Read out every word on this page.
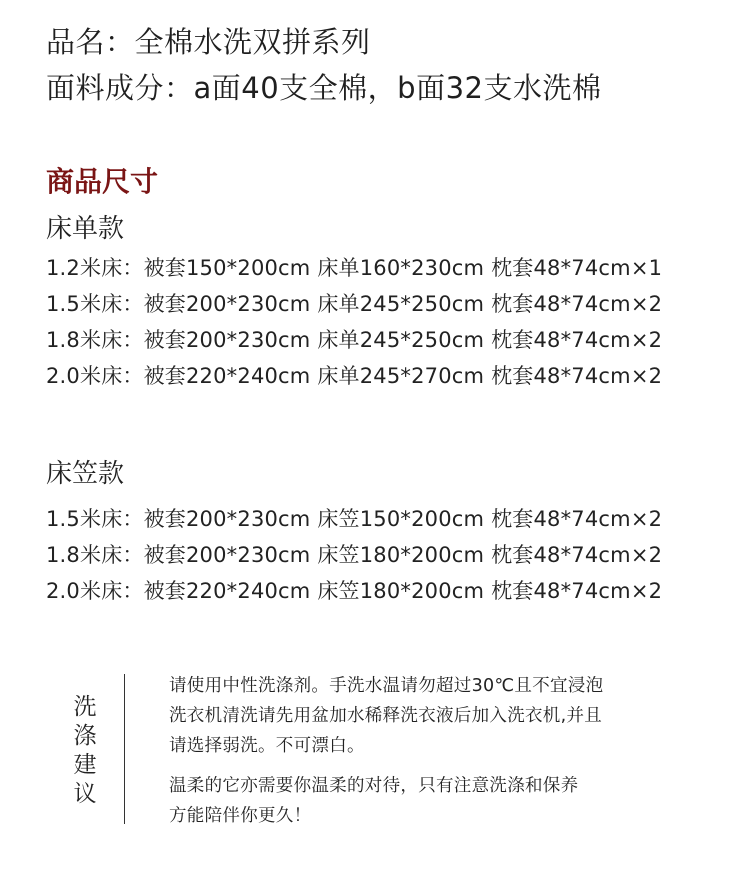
品名：全棉水洗双拼系列
面料成分：a面40支全棉，b面32支水洗棉
商品尺寸
床单款
1.2米床：被套150*200cm 床单160*230cm 枕套48*74cm×1
1.5米床：被套200*230cm 床单245*250cm 枕套48*74cm×2
1.8米床：被套200*230cm 床单245*250cm 枕套48*74cm×2
2.0米床：被套220*240cm 床单245*270cm 枕套48*74cm×2
床笠款
1.5米床：被套200*230cm 床笠150*200cm 枕套48*74cm×2
1.8米床：被套200*230cm 床笠180*200cm 枕套48*74cm×2
2.0米床：被套220*240cm 床笠180*200cm 枕套48*74cm×2
洗
涤
建
议
请使用中性洗涤剂。手洗水温请勿超过30℃且不宜浸泡
洗衣机清洗请先用盆加水稀释洗衣液后加入洗衣机,并且
请选择弱洗。不可漂白。
温柔的它亦需要你温柔的对待，只有注意洗涤和保养
方能陪伴你更久！
